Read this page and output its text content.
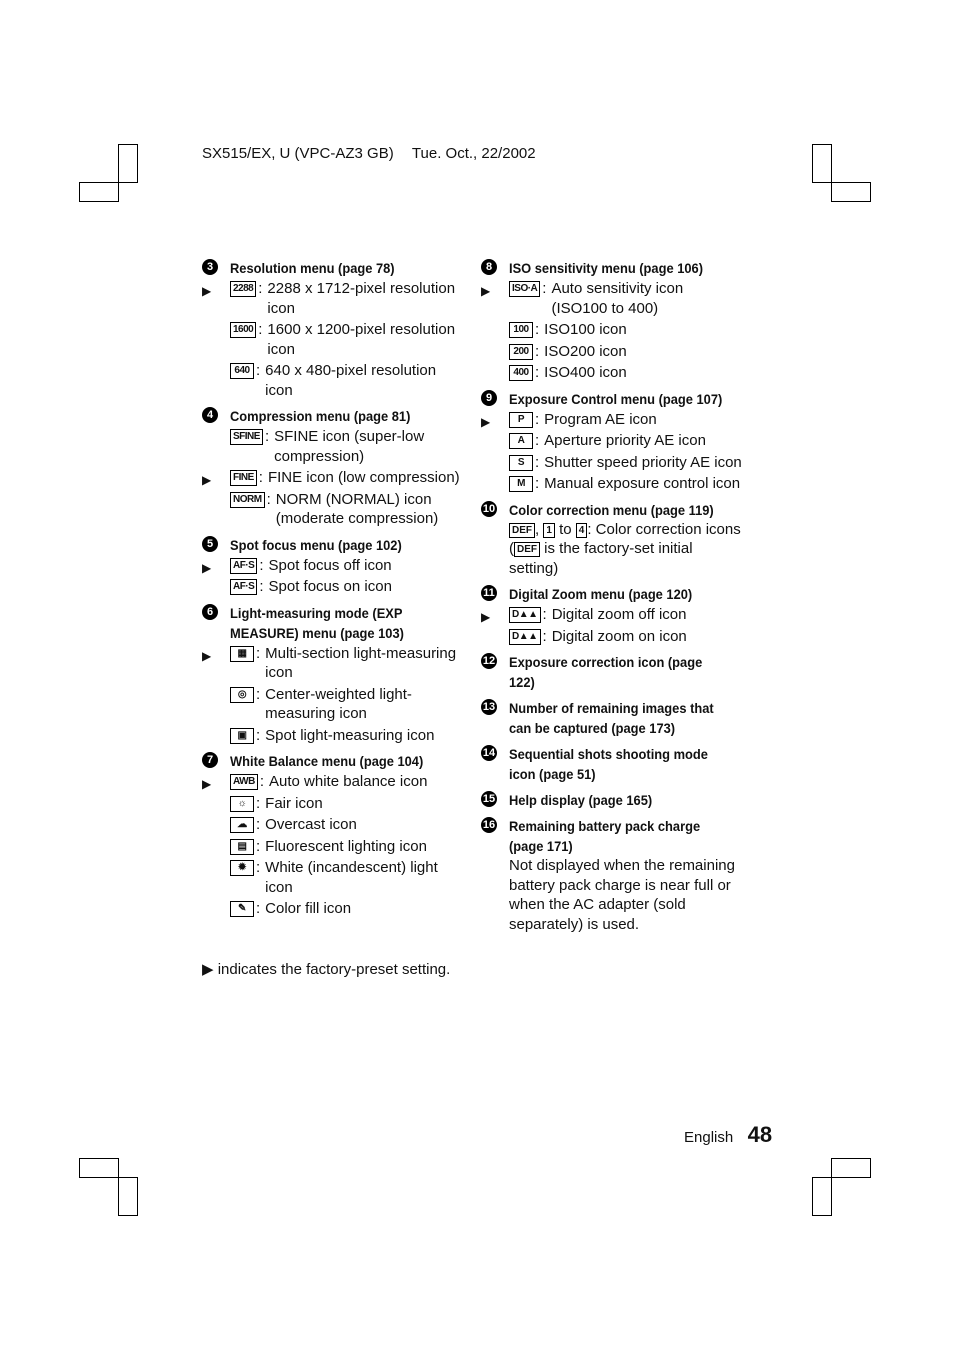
SX515/EX, U (VPC-AZ3 GB) Tue. Oct., 22/2002
3	Resolution menu (page 78)
▶	2288 : 2288 x 1712-pixel resolution icon
1600 : 1600 x 1200-pixel resolution icon
640 : 640 x 480-pixel resolution icon
4	Compression menu (page 81)
SFINE : SFINE icon (super-low compression)
▶	FINE : FINE icon (low compression)
NORM : NORM (NORMAL) icon (moderate compression)
5	Spot focus menu (page 102)
▶	AF·S : Spot focus off icon
AF·S : Spot focus on icon
6	Light-measuring mode (EXP MEASURE) menu (page 103)
▶	▦ : Multi-section light-measuring icon
◎ : Center-weighted light-measuring icon
▣ : Spot light-measuring icon
7	White Balance menu (page 104)
▶	AWB : Auto white balance icon
☼ : Fair icon
☁ : Overcast icon
▤ : Fluorescent lighting icon
✹ : White (incandescent) light icon
✎ : Color fill icon
8	ISO sensitivity menu (page 106)
▶	ISO·A : Auto sensitivity icon (ISO100 to 400)
100 : ISO100 icon
200 : ISO200 icon
400 : ISO400 icon
9	Exposure Control menu (page 107)
▶	P : Program AE icon
A : Aperture priority AE icon
S : Shutter speed priority AE icon
M : Manual exposure control icon
10 Color correction menu (page 119)
DEF , 1 to 4 : Color correction icons
( DEF is the factory-set initial setting)
11 Digital Zoom menu (page 120)
▶	D▲▲ : Digital zoom off icon
D▲▲ : Digital zoom on icon
12 Exposure correction icon (page 122)
13 Number of remaining images that can be captured (page 173)
14 Sequential shots shooting mode icon (page 51)
15 Help display (page 165)
16 Remaining battery pack charge (page 171)
Not displayed when the remaining battery pack charge is near full or when the AC adapter (sold separately) is used.
▶ indicates the factory-preset setting.
English 48
